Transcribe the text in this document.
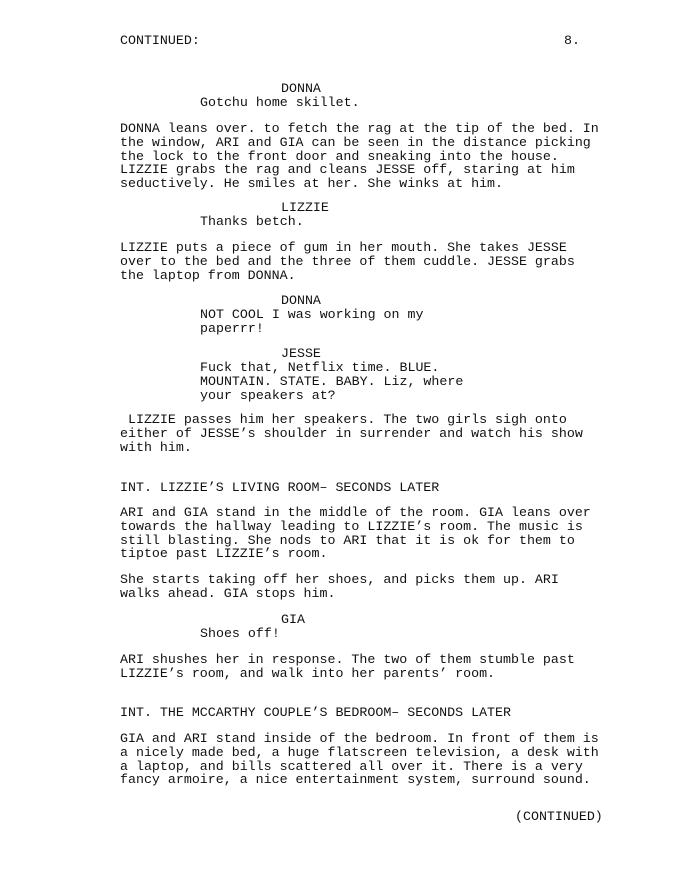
CONTINUED:	8.
DONNA
Gotchu home skillet.
DONNA leans over. to fetch the rag at the tip of the bed. In
the window, ARI and GIA can be seen in the distance picking
the lock to the front door and sneaking into the house.
LIZZIE grabs the rag and cleans JESSE off, staring at him
seductively. He smiles at her. She winks at him.
LIZZIE
Thanks betch.
LIZZIE puts a piece of gum in her mouth. She takes JESSE
over to the bed and the three of them cuddle. JESSE grabs
the laptop from DONNA.
DONNA
NOT COOL I was working on my
paperrr!
JESSE
Fuck that, Netflix time. BLUE.
MOUNTAIN. STATE. BABY. Liz, where
your speakers at?
LIZZIE passes him her speakers. The two girls sigh onto
either of JESSE’s shoulder in surrender and watch his show
with him.
INT. LIZZIE’S LIVING ROOM– SECONDS LATER
ARI and GIA stand in the middle of the room. GIA leans over
towards the hallway leading to LIZZIE’s room. The music is
still blasting. She nods to ARI that it is ok for them to
tiptoe past LIZZIE’s room.
She starts taking off her shoes, and picks them up. ARI
walks ahead. GIA stops him.
GIA
Shoes off!
ARI shushes her in response. The two of them stumble past
LIZZIE’s room, and walk into her parents’ room.
INT. THE MCCARTHY COUPLE’S BEDROOM– SECONDS LATER
GIA and ARI stand inside of the bedroom. In front of them is
a nicely made bed, a huge flatscreen television, a desk with
a laptop, and bills scattered all over it. There is a very
fancy armoire, a nice entertainment system, surround sound.
(CONTINUED)
